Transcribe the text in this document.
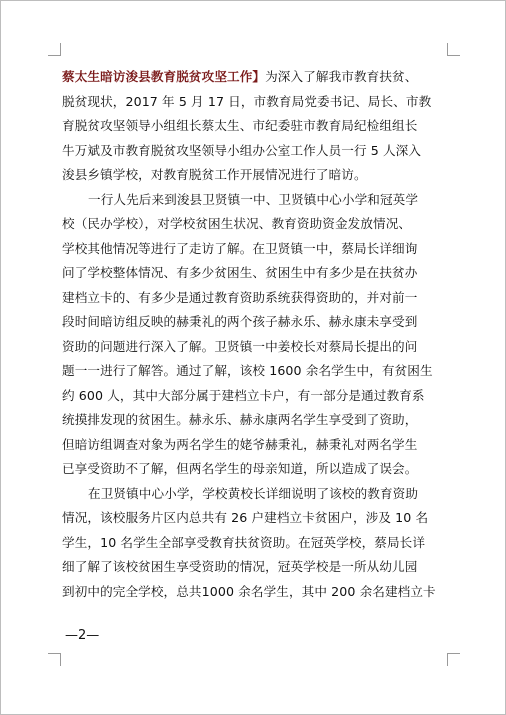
蔡太生暗访浚县教育脱贫攻坚工作】为深入了解我市教育扶贫、
脱贫现状，2017 年 5 月 17 日，市教育局党委书记、局长、市教
育脱贫攻坚领导小组组长蔡太生、市纪委驻市教育局纪检组组长
牛万斌及市教育脱贫攻坚领导小组办公室工作人员一行 5 人深入
浚县乡镇学校，对教育脱贫工作开展情况进行了暗访。
一行人先后来到浚县卫贤镇一中、卫贤镇中心小学和冠英学
校（民办学校），对学校贫困生状况、教育资助资金发放情况、
学校其他情况等进行了走访了解。在卫贤镇一中，蔡局长详细询
问了学校整体情况、有多少贫困生、贫困生中有多少是在扶贫办
建档立卡的、有多少是通过教育资助系统获得资助的，并对前一
段时间暗访组反映的赫秉礼的两个孩子赫永乐、赫永康未享受到
资助的问题进行深入了解。卫贤镇一中姜校长对蔡局长提出的问
题一一进行了解答。通过了解，该校 1600 余名学生中，有贫困生
约 600 人，其中大部分属于建档立卡户，有一部分是通过教育系
统摸排发现的贫困生。赫永乐、赫永康两名学生享受到了资助，
但暗访组调查对象为两名学生的姥爷赫秉礼，赫秉礼对两名学生
已享受资助不了解，但两名学生的母亲知道，所以造成了误会。
在卫贤镇中心小学，学校黄校长详细说明了该校的教育资助
情况，该校服务片区内总共有 26 户建档立卡贫困户，涉及 10 名
学生，10 名学生全部享受教育扶贫资助。在冠英学校，蔡局长详
细了解了该校贫困生享受资助的情况，冠英学校是一所从幼儿园
到初中的完全学校，总共1000 余名学生，其中 200 余名建档立卡
—2—
